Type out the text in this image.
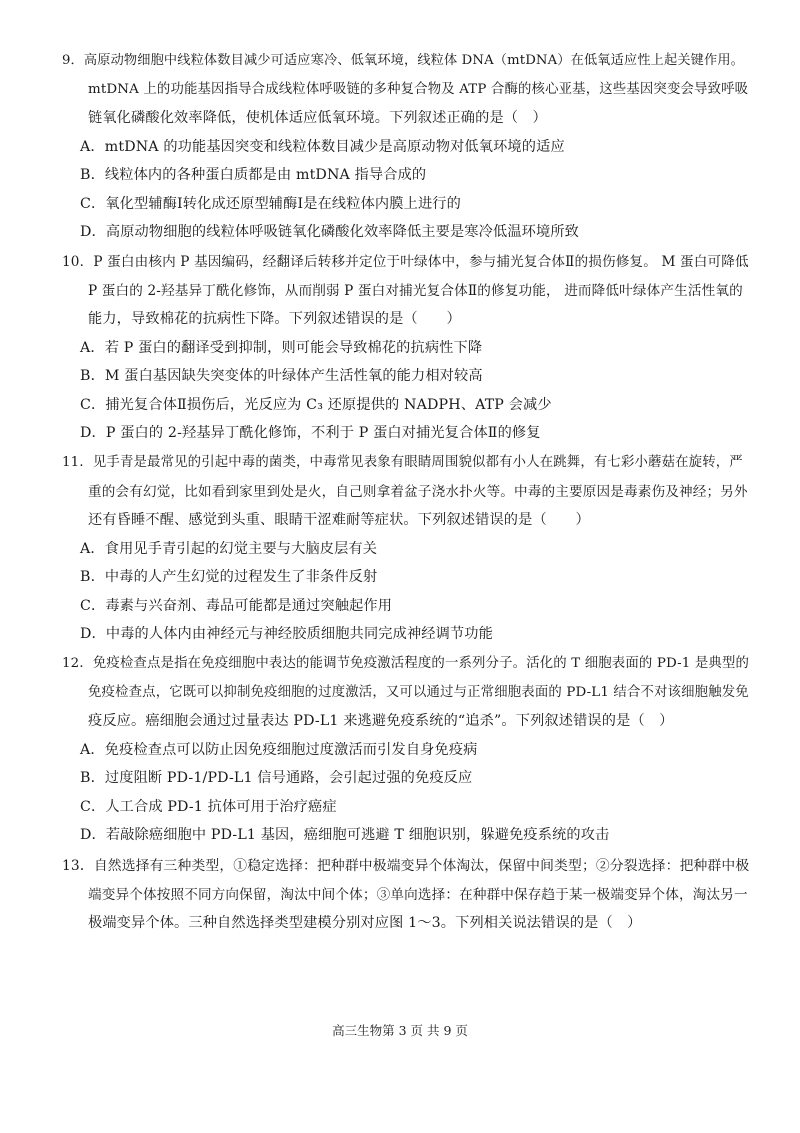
9． 高原动物细胞中线粒体数目减少可适应寒冷、低氧环境，线粒体 DNA（mtDNA）在低氧适应性上起关键作用。
mtDNA 上的功能基因指导合成线粒体呼吸链的多种复合物及 ATP 合酶的核心亚基，这些基因突变会导致呼吸
链氧化磷酸化效率降低，使机体适应低氧环境。下列叙述正确的是（　）
A．mtDNA 的功能基因突变和线粒体数目减少是高原动物对低氧环境的适应
B．线粒体内的各种蛋白质都是由 mtDNA 指导合成的
C．氧化型辅酶Ⅰ转化成还原型辅酶Ⅰ是在线粒体内膜上进行的
D．高原动物细胞的线粒体呼吸链氧化磷酸化效率降低主要是寒冷低温环境所致
10． P 蛋白由核内 P 基因编码，经翻译后转移并定位于叶绿体中，参与捕光复合体Ⅱ的损伤修复。 M 蛋白可降低
P 蛋白的 2-羟基异丁酰化修饰，从而削弱 P 蛋白对捕光复合体Ⅱ的修复功能， 进而降低叶绿体产生活性氧的
能力，导致棉花的抗病性下降。下列叙述错误的是（　　）
A．若 P 蛋白的翻译受到抑制，则可能会导致棉花的抗病性下降
B．M 蛋白基因缺失突变体的叶绿体产生活性氧的能力相对较高
C．捕光复合体Ⅱ损伤后，光反应为 C₃ 还原提供的 NADPH、ATP 会减少
D．P 蛋白的 2-羟基异丁酰化修饰，不利于 P 蛋白对捕光复合体Ⅱ的修复
11． 见手青是最常见的引起中毒的菌类，中毒常见表象有眼睛周围貌似都有小人在跳舞，有七彩小蘑菇在旋转，严
重的会有幻觉，比如看到家里到处是火，自己则拿着盆子浇水扑火等。中毒的主要原因是毒素伤及神经；另外
还有昏睡不醒、感觉到头重、眼睛干涩难耐等症状。下列叙述错误的是（　　）
A．食用见手青引起的幻觉主要与大脑皮层有关
B．中毒的人产生幻觉的过程发生了非条件反射
C．毒素与兴奋剂、毒品可能都是通过突触起作用
D．中毒的人体内由神经元与神经胶质细胞共同完成神经调节功能
12． 免疫检查点是指在免疫细胞中表达的能调节免疫激活程度的一系列分子。活化的 T 细胞表面的 PD-1 是典型的
免疫检查点，它既可以抑制免疫细胞的过度激活，又可以通过与正常细胞表面的 PD-L1 结合不对该细胞触发免
疫反应。癌细胞会通过过量表达 PD-L1 来逃避免疫系统的“追杀”。下列叙述错误的是（　）
A．免疫检查点可以防止因免疫细胞过度激活而引发自身免疫病
B．过度阻断 PD-1/PD-L1 信号通路，会引起过强的免疫反应
C．人工合成 PD-1 抗体可用于治疗癌症
D．若敲除癌细胞中 PD-L1 基因，癌细胞可逃避 T 细胞识别，躲避免疫系统的攻击
13． 自然选择有三种类型，①稳定选择：把种群中极端变异个体淘汰，保留中间类型；②分裂选择：把种群中极
端变异个体按照不同方向保留，淘汰中间个体；③单向选择：在种群中保存趋于某一极端变异个体，淘汰另一
极端变异个体。三种自然选择类型建模分别对应图 1～3。下列相关说法错误的是（　）
高三生物第 3 页 共 9 页
